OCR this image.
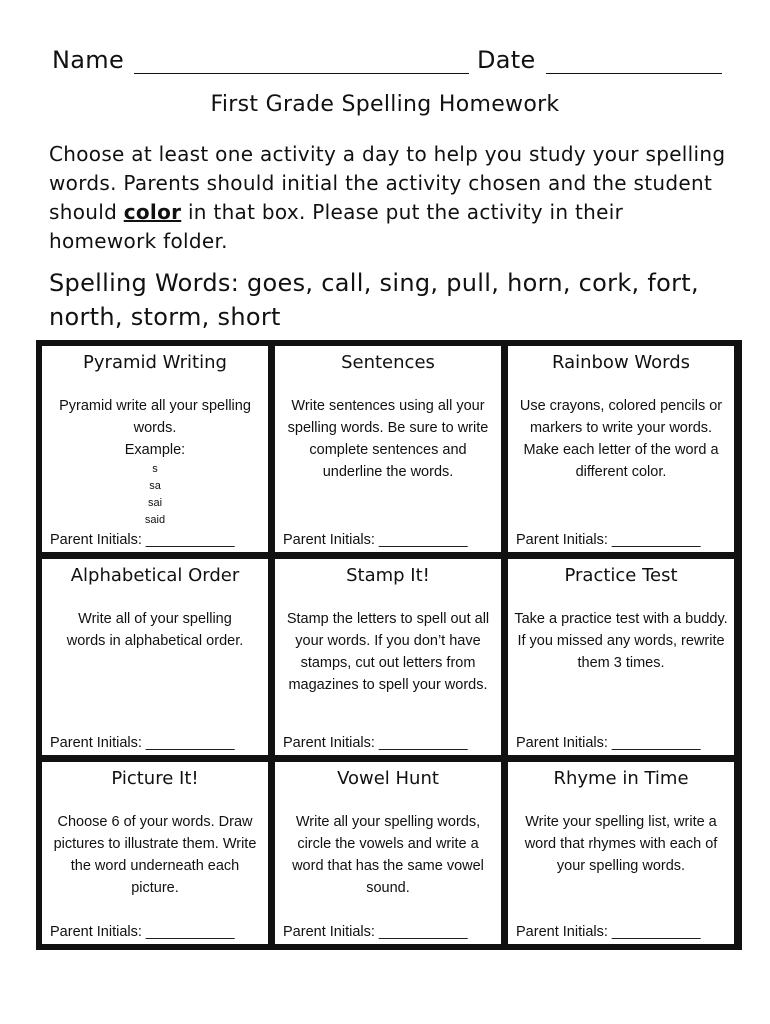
Name	Date
First Grade Spelling Homework
Choose at least one activity a day to help you study your spelling words. Parents should initial the activity chosen and the student should color in that box. Please put the activity in their homework folder.
Spelling Words: goes, call, sing, pull, horn, cork, fort, north, storm, short
Pyramid Writing
Pyramid write all your spelling words.
Example:
s
sa
sai
said
Parent Initials: ___________
Sentences
Write sentences using all your spelling words. Be sure to write complete sentences and underline the words.
Parent Initials: ___________
Rainbow Words
Use crayons, colored pencils or markers to write your words. Make each letter of the word a different color.
Parent Initials: ___________
Alphabetical Order
Write all of your spelling words in alphabetical order.
Parent Initials: ___________
Stamp It!
Stamp the letters to spell out all your words. If you don’t have stamps, cut out letters from magazines to spell your words.
Parent Initials: ___________
Practice Test
Take a practice test with a buddy. If you missed any words, rewrite them 3 times.
Parent Initials: ___________
Picture It!
Choose 6 of your words. Draw pictures to illustrate them. Write the word underneath each picture.
Parent Initials: ___________
Vowel Hunt
Write all your spelling words, circle the vowels and write a word that has the same vowel sound.
Parent Initials: ___________
Rhyme in Time
Write your spelling list, write a word that rhymes with each of your spelling words.
Parent Initials: ___________
